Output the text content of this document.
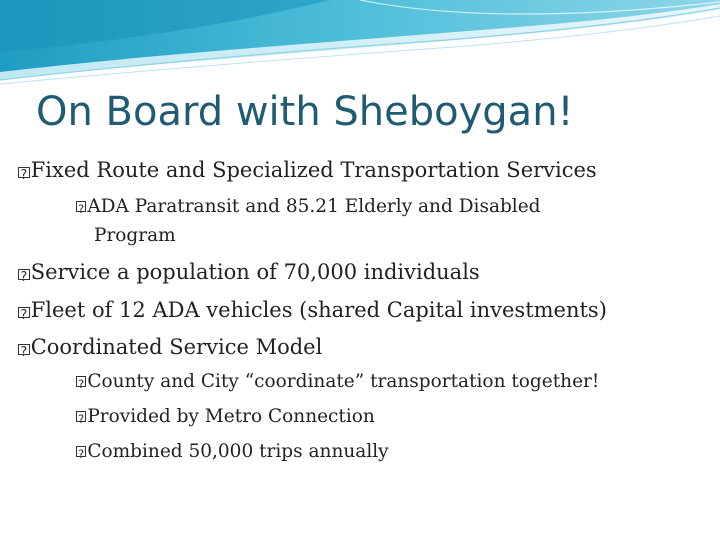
On Board with Sheboygan!
? Fixed Route and Specialized Transportation Services
? ADA Paratransit and 85.21 Elderly and Disabled
Program
? Service a population of 70,000 individuals
? Fleet of 12 ADA vehicles (shared Capital investments)
? Coordinated Service Model
? County and City “coordinate” transportation together!
? Provided by Metro Connection
? Combined 50,000 trips annually
